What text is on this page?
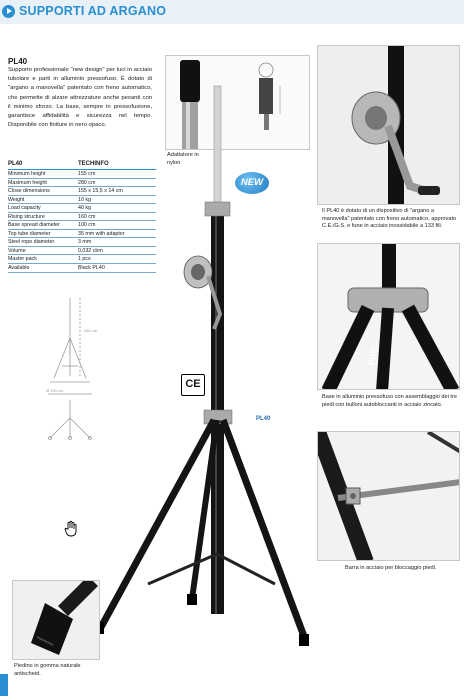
SUPPORTI AD ARGANO
PL40
Supporto professionale "new design" per luci in acciaio tubolare e parti in alluminio pressofuso. È dotato di "argano a manovella" patentato con freno automatico, che permette di alzare attrezzature anche pesanti con il minimo sforzo. La base, sempre in pressofusione, garantisce affidabilità e sicurezza nel tempo. Disponibile con finiture in nero opaco.
PL40	TECHINFO
Minimum height	155 cm
Maximum height	280 cm
Close dimensions	155 x 15,5 x 14 cm
Weight	10 kg
Load capacity	40 kg
Rising structure	160 cm
Base spread diameter	100 cm
Top tube diameter	35 mm with adaptor
Steel rope diameter	3 mm
Volume	0,032 cbm
Master pack	1 pcs
Available	Black PL40
280 cm
Ø 100 cm
CE
Adattatore in nylon
NEW
PL40
Il PL40 è dotato di un dispositivo di "argano a manovella" patentato con freno automatico, approvato C.E./G.S. e fune in acciaio inossidabile a 133 fili.
PRO
Base in alluminio pressofuso con assemblaggio dei tre piedi con bulloni autobloccanti in acciaio zincato.
Barra in acciaio per bloccaggio piedi.
Piedino in gomma naturale antischeid.
